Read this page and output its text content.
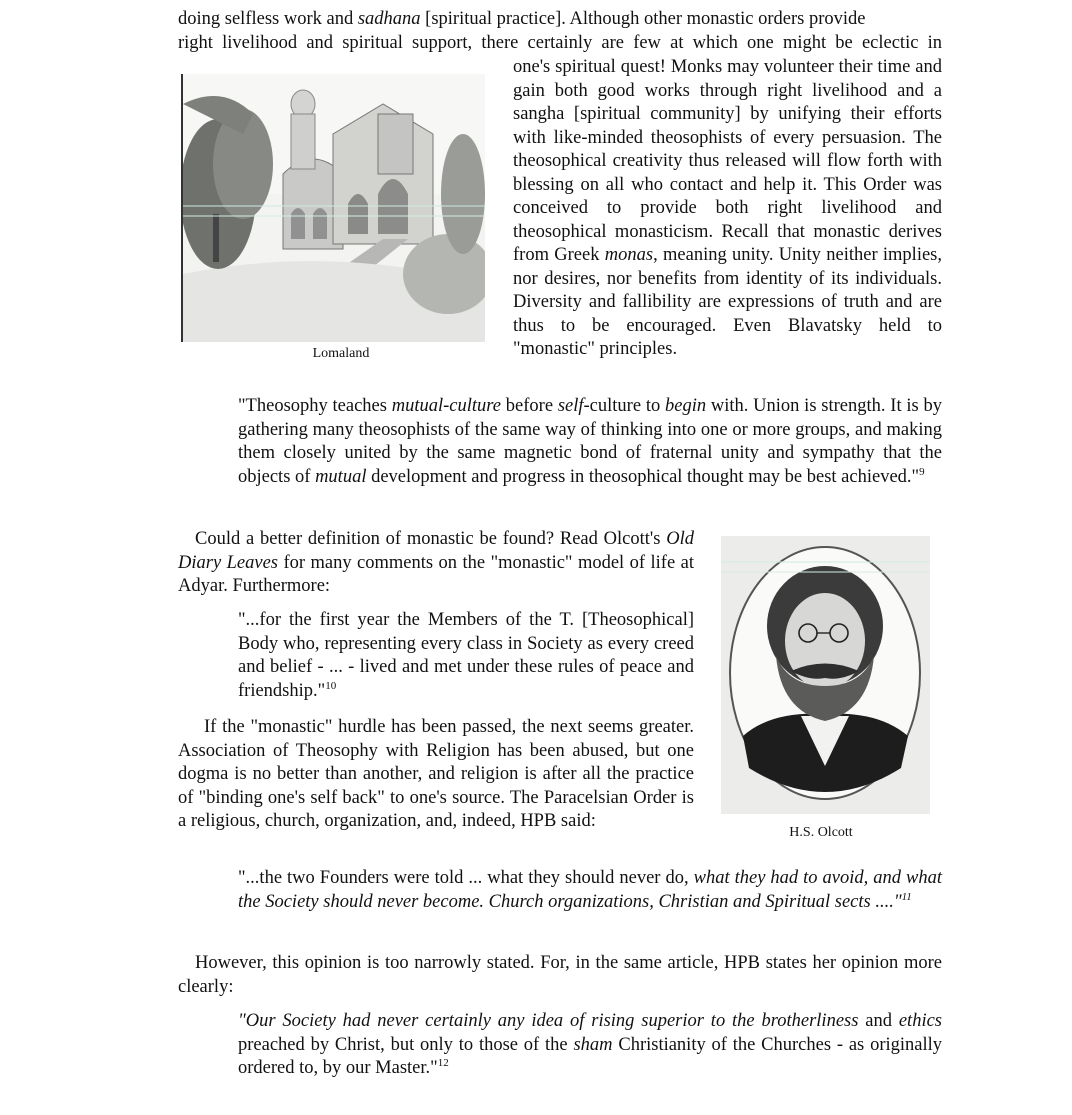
doing selfless work and sadhana [spiritual practice]. Although other monastic orders provide
right livelihood and spiritual support, there certainly are few at which one might be eclectic in
Lomaland
one's spiritual quest! Monks may volunteer their time and gain both good works through right livelihood and a sangha [spiritual community] by unifying their efforts with like-minded theosophists of every persuasion. The theosophical creativity thus released will flow forth with blessing on all who contact and help it. This Order was conceived to provide both right livelihood and theosophical monasticism. Recall that monastic derives from Greek monas, meaning unity. Unity neither implies, nor desires, nor benefits from identity of its individuals. Diversity and fallibility are expressions of truth and are thus to be encouraged. Even Blavatsky held to "monastic" principles.
"Theosophy teaches mutual-culture before self-culture to begin with. Union is strength. It is by gathering many theosophists of the same way of thinking into one or more groups, and making them closely united by the same magnetic bond of fraternal unity and sympathy that the objects of mutual development and progress in theosophical thought may be best achieved."$^9$
Could a better definition of monastic be found? Read Olcott's Old Diary Leaves for many comments on the "monastic" model of life at Adyar. Furthermore:
"...for the first year the Members of the T. [Theosophical] Body who, representing every class in Society as every creed and belief - ... - lived and met under these rules of peace and friendship."$^{10}$
H.S. Olcott
If the "monastic" hurdle has been passed, the next seems greater. Association of Theosophy with Religion has been abused, but one dogma is no better than another, and religion is after all the practice of "binding one's self back" to one's source. The Paracelsian Order is a religious, church, organization, and, indeed, HPB said:
"...the two Founders were told ... what they should never do, what they had to avoid, and what the Society should never become. Church organizations, Christian and Spiritual sects ...."$^{11}$
However, this opinion is too narrowly stated. For, in the same article, HPB states her opinion more clearly:
"Our Society had never certainly any idea of rising superior to the brotherliness and ethics preached by Christ, but only to those of the sham Christianity of the Churches - as originally ordered to, by our Master."$^{12}$
